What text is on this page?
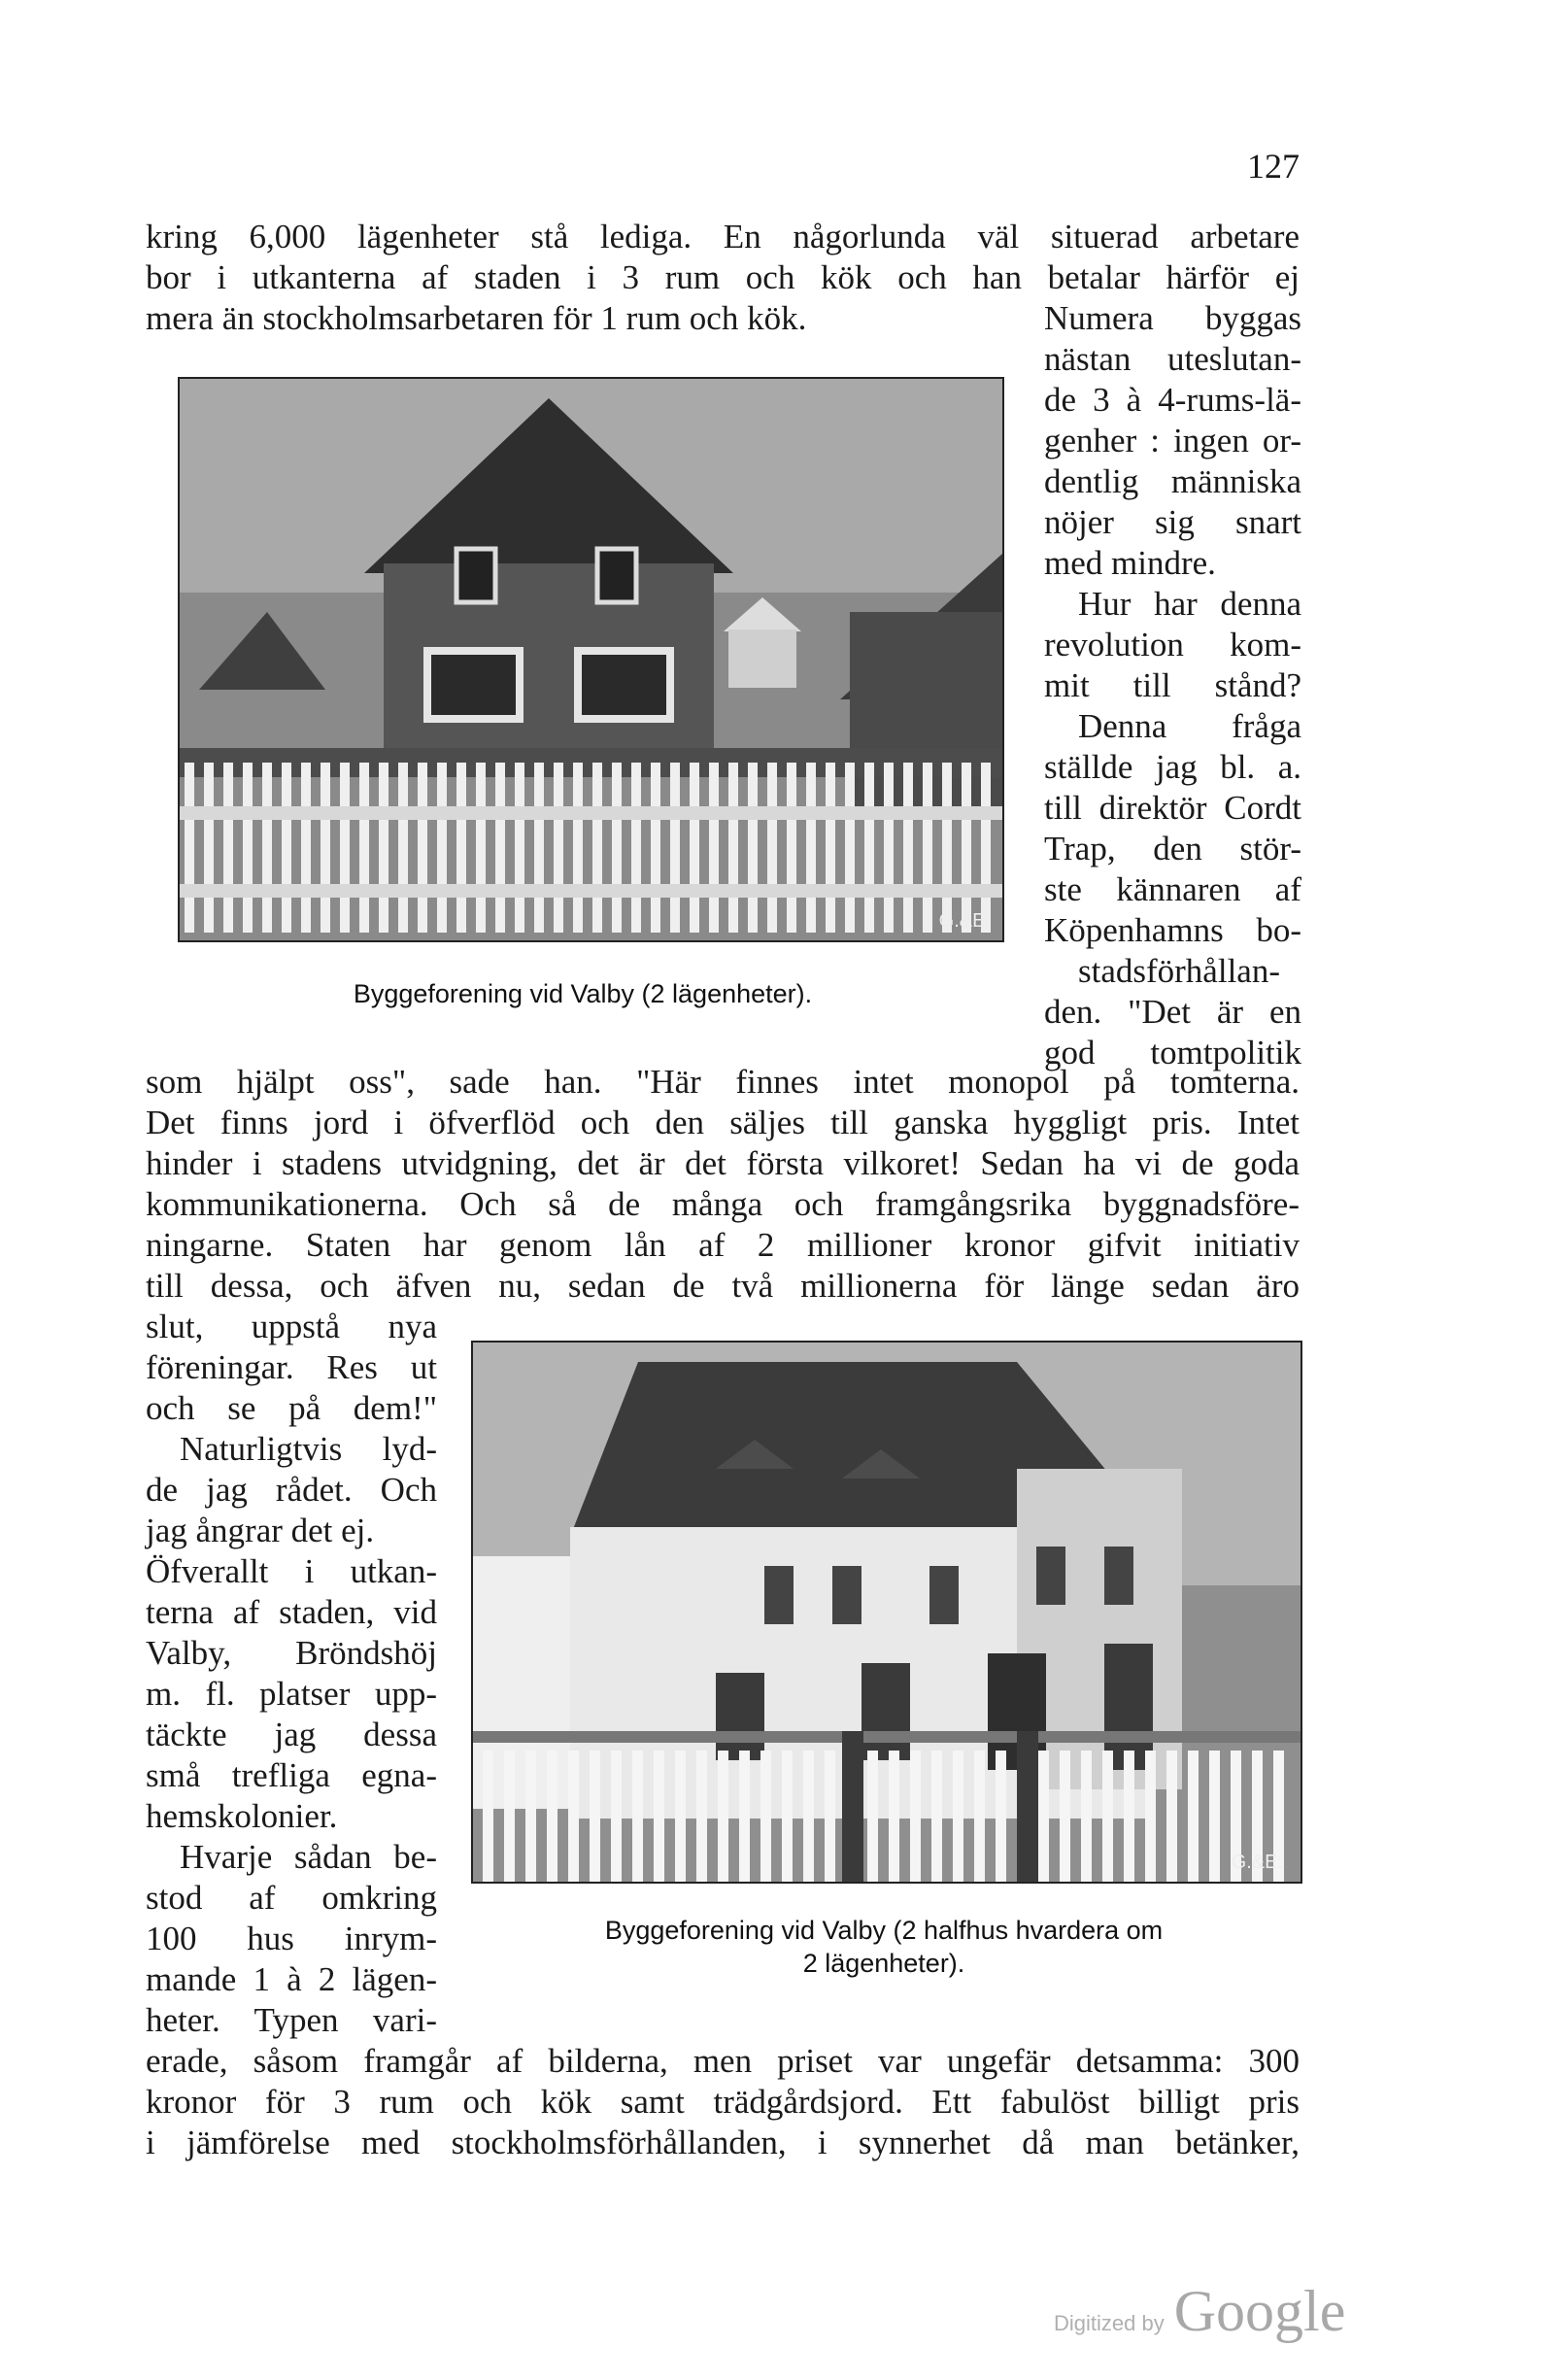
127
kring 6,000 lägenheter stå lediga. En någorlunda väl situerad arbetare
bor i utkanterna af staden i 3 rum och kök och han betalar härför ej
mera än stockholmsarbetaren för 1 rum och kök.	Numera byggas
G.&E.
nästan uteslutan-
de 3 à 4-rums-lä-
genher : ingen or-
dentlig människa
nöjer sig snart
med mindre.
Hur har denna
revolution kom-
mit till stånd?
Denna fråga
ställde jag bl. a.
till direktör Cordt
Trap, den stör-
ste kännaren af
Köpenhamns bo-
stadsförhållan-
den. "Det är en
god tomtpolitik
Byggeforening vid Valby (2 lägenheter).
som hjälpt oss", sade han. "Här finnes intet monopol på tomterna.
Det finns jord i öfverflöd och den säljes till ganska hyggligt pris. Intet
hinder i stadens utvidgning, det är det första vilkoret! Sedan ha vi de goda
kommunikationerna. Och så de många och framgångsrika byggnadsföre-
ningarne. Staten har genom lån af 2 millioner kronor gifvit initiativ
till dessa, och äfven nu, sedan de två millionerna för länge sedan äro
slut, uppstå nya
föreningar. Res ut
och se på dem!"
Naturligtvis lyd-
de jag rådet. Och
jag ångrar det ej.
Öfverallt i utkan-
terna af staden, vid
Valby, Bröndshöj
m. fl. platser upp-
täckte jag dessa
små trefliga egna-
hemskolonier.
Hvarje sådan be-
stod af omkring
100 hus inrym-
mande 1 à 2 lägen-
heter. Typen vari-
G.&E.
Byggeforening vid Valby (2 halfhus hvardera om
2 lägenheter).
erade, såsom framgår af bilderna, men priset var ungefär detsamma: 300
kronor för 3 rum och kök samt trädgårdsjord. Ett fabulöst billigt pris
i jämförelse med stockholmsförhållanden, i synnerhet då man betänker,
Digitized by Google
